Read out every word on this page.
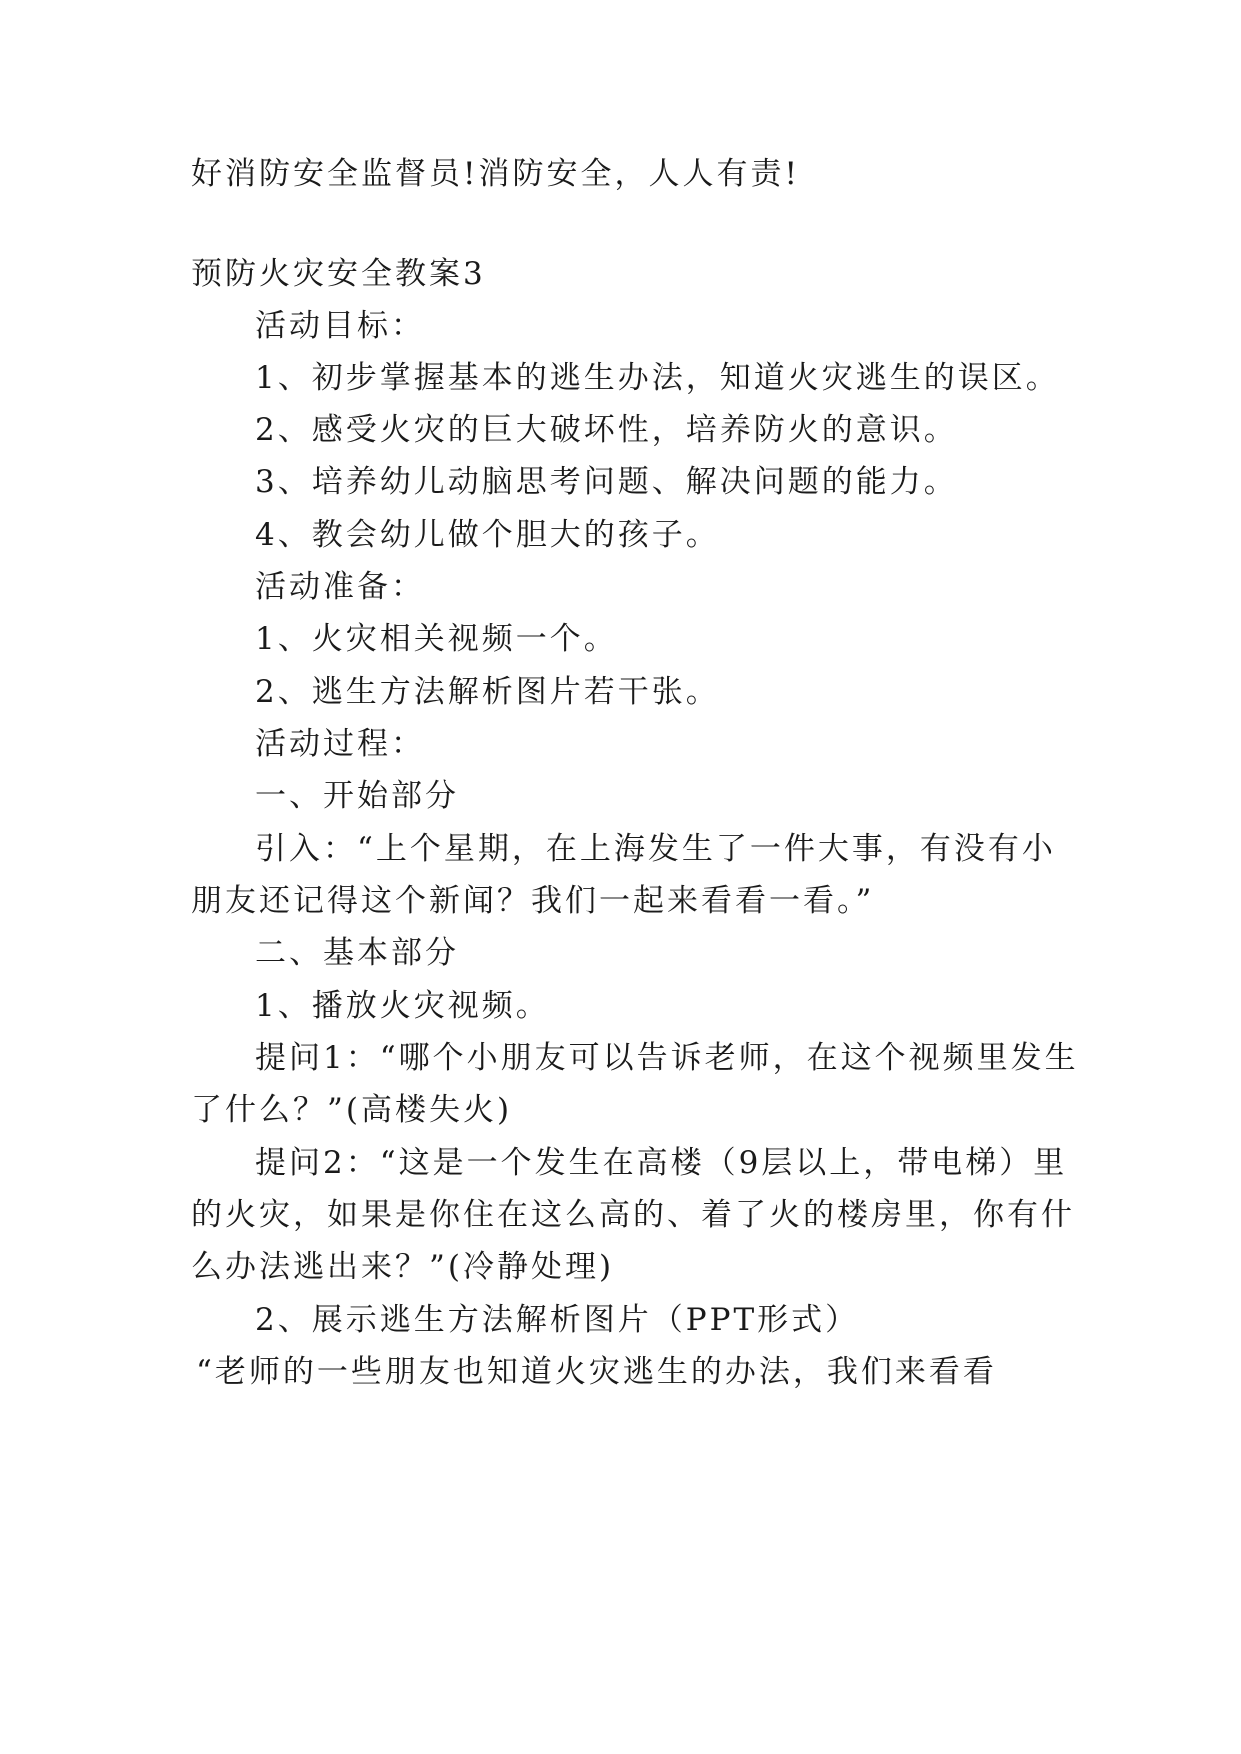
好消防安全监督员!消防安全，人人有责!
预防火灾安全教案3
活动目标：
1、初步掌握基本的逃生办法，知道火灾逃生的误区。
2、感受火灾的巨大破坏性，培养防火的意识。
3、培养幼儿动脑思考问题、解决问题的能力。
4、教会幼儿做个胆大的孩子。
活动准备：
1、火灾相关视频一个。
2、逃生方法解析图片若干张。
活动过程：
一、开始部分
引入：“上个星期，在上海发生了一件大事，有没有小
朋友还记得这个新闻？我们一起来看看一看。”
二、基本部分
1、播放火灾视频。
提问1：“哪个小朋友可以告诉老师，在这个视频里发生
了什么？”(高楼失火)
提问2：“这是一个发生在高楼（9层以上，带电梯）里
的火灾，如果是你住在这么高的、着了火的楼房里，你有什
么办法逃出来？”(冷静处理)
2、展示逃生方法解析图片（PPT形式）
“老师的一些朋友也知道火灾逃生的办法，我们来看看
